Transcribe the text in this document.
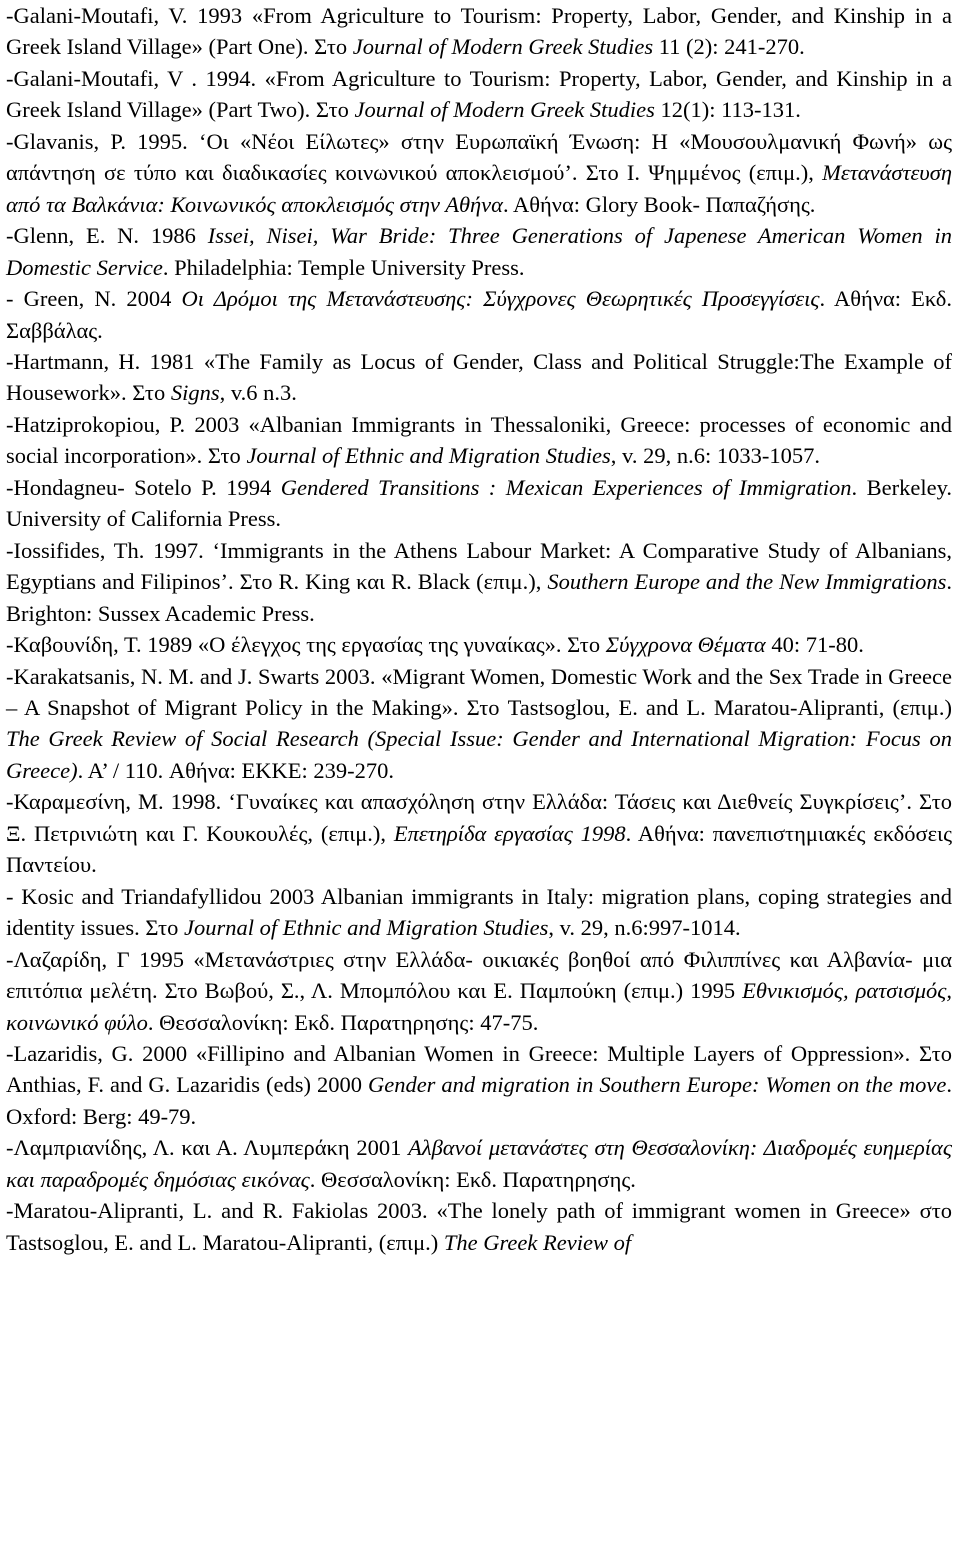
-Galani-Moutafi, V. 1993 «From Agriculture to Tourism: Property, Labor, Gender, and Kinship in a Greek Island Village» (Part One). Στο Journal of Modern Greek Studies 11 (2): 241-270.

-Galani-Moutafi, V . 1994. «From Agriculture to Tourism: Property, Labor, Gender, and Kinship in a Greek Island Village» (Part Two). Στο Journal of Modern Greek Studies 12(1): 113-131.

-Glavanis, P. 1995. ‘Οι «Νέοι Είλωτες» στην Ευρωπαϊκή Ένωση: Η «Μουσουλμανική Φωνή» ως απάντηση σε τύπο και διαδικασίες κοινωνικού αποκλεισμού’. Στο Ι. Ψημμένος (επιμ.), Μετανάστευση από τα Βαλκάνια: Κοινωνικός αποκλεισμός στην Αθήνα. Αθήνα: Glory Book- Παπαζήσης.

-Glenn, E. N. 1986 Issei, Nisei, War Bride: Three Generations of Japenese American Women in Domestic Service. Philadelphia: Temple University Press.

- Green, N. 2004 Οι Δρόμοι της Μετανάστευσης: Σύγχρονες Θεωρητικές Προσεγγίσεις. Αθήνα: Εκδ. Σαββάλας.

-Hartmann, H. 1981 «The Family as Locus of Gender, Class and Political Struggle:The Example of Housework». Στο Signs, v.6 n.3.

-Hatziprokopiou, P. 2003 «Albanian Immigrants in Thessaloniki, Greece: processes of economic and social incorporation». Στο Journal of Ethnic and Migration Studies, v. 29, n.6: 1033-1057.

-Hondagneu- Sotelo P. 1994 Gendered Transitions : Mexican Experiences of Immigration. Berkeley. University of California Press.

-Iossifides, Th. 1997. ‘Immigrants in the Athens Labour Market: A Comparative Study of Albanians, Egyptians and Filipinos’. Στο R. King και R. Black (επιμ.), Southern Europe and the New Immigrations. Brighton: Sussex Academic Press.

-Καβουνίδη, Τ. 1989 «Ο έλεγχος της εργασίας της γυναίκας». Στο Σύγχρονα Θέματα 40: 71-80.

-Karakatsanis, N. M. and J. Swarts 2003. «Migrant Women, Domestic Work and the Sex Trade in Greece – A Snapshot of Migrant Policy in the Making». Στο Tastsoglou, E. and L. Maratou-Alipranti, (επιμ.) The Greek Review of Social Research (Special Issue: Gender and International Migration: Focus on Greece). A’ / 110. Αθήνα: ΕΚΚΕ: 239-270.

-Καραμεσίνη, Μ. 1998. ‘Γυναίκες και απασχόληση στην Ελλάδα: Τάσεις και Διεθνείς Συγκρίσεις’. Στο Ξ. Πετρινιώτη και Γ. Κουκουλές, (επιμ.), Επετηρίδα εργασίας 1998. Αθήνα: πανεπιστημιακές εκδόσεις Παντείου.

- Kosic and Triandafyllidou 2003 Albanian immigrants in Italy: migration plans, coping strategies and identity issues. Στο Journal of Ethnic and Migration Studies, v. 29, n.6:997-1014.

-Λαζαρίδη, Γ 1995 «Μετανάστριες στην Ελλάδα- οικιακές βοηθοί από Φιλιππίνες και Αλβανία- μια επιτόπια μελέτη. Στο Βωβού, Σ., Λ. Μπομπόλου και Ε. Παμπούκη (επιμ.) 1995 Εθνικισμός, ρατσισμός, κοινωνικό φύλο. Θεσσαλονίκη: Εκδ. Παρατηρησης: 47-75.

-Lazaridis, G. 2000 «Fillipino and Albanian Women in Greece: Multiple Layers of Oppression». Στο Anthias, F. and G. Lazaridis (eds) 2000 Gender and migration in Southern Europe: Women on the move. Oxford: Berg: 49-79.

-Λαμπριανίδης, Λ. και Α. Λυμπεράκη 2001 Αλβανοί μετανάστες στη Θεσσαλονίκη: Διαδρομές ευημερίας και παραδρομές δημόσιας εικόνας. Θεσσαλονίκη: Εκδ. Παρατηρησης.

-Maratou-Alipranti, L. and R. Fakiolas 2003. «The lonely path of immigrant women in Greece» στο Tastsoglou, E. and L. Maratou-Alipranti, (επιμ.) The Greek Review of
